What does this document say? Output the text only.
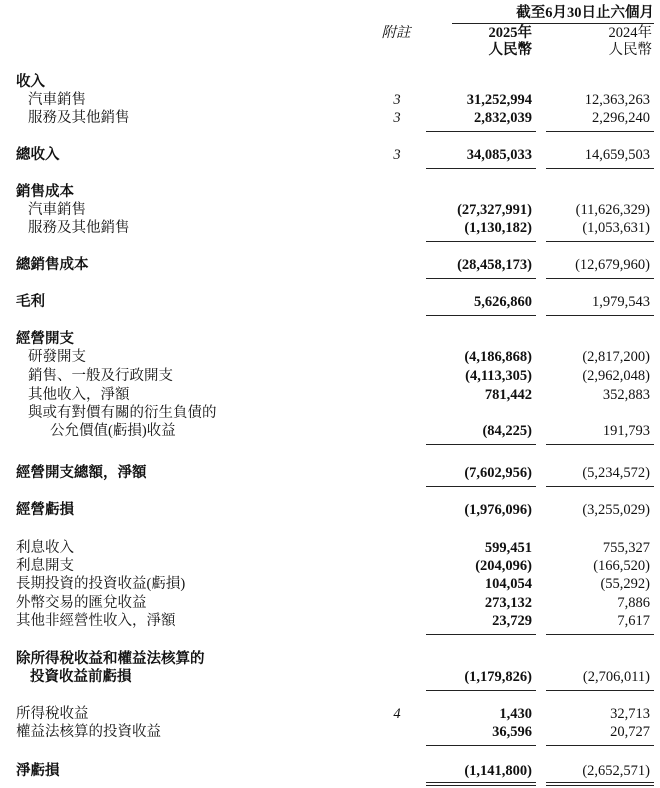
截至6月30日止六個月
附註	2025年
人民幣
2024年
人民幣
收入
汽車銷售	3	31,252,994	12,363,263
服務及其他銷售	3	2,832,039	2,296,240
總收入	3	34,085,033	14,659,503
銷售成本
汽車銷售	(27,327,991)	(11,626,329)
服務及其他銷售	(1,130,182)	(1,053,631)
總銷售成本	(28,458,173)	(12,679,960)
毛利	5,626,860	1,979,543
經營開支
研發開支	(4,186,868)	(2,817,200)
銷售、一般及行政開支	(4,113,305)	(2,962,048)
其他收入，淨額	781,442	352,883
與或有對價有關的衍生負債的
公允價值(虧損)收益	(84,225)	191,793
經營開支總額，淨額	(7,602,956)	(5,234,572)
經營虧損	(1,976,096)	(3,255,029)
利息收入	599,451	755,327
利息開支	(204,096)	(166,520)
長期投資的投資收益(虧損)	104,054	(55,292)
外幣交易的匯兌收益	273,132	7,886
其他非經營性收入，淨額	23,729	7,617
除所得稅收益和權益法核算的
投資收益前虧損	(1,179,826)	(2,706,011)
所得稅收益	4	1,430	32,713
權益法核算的投資收益	36,596	20,727
淨虧損	(1,141,800)	(2,652,571)
